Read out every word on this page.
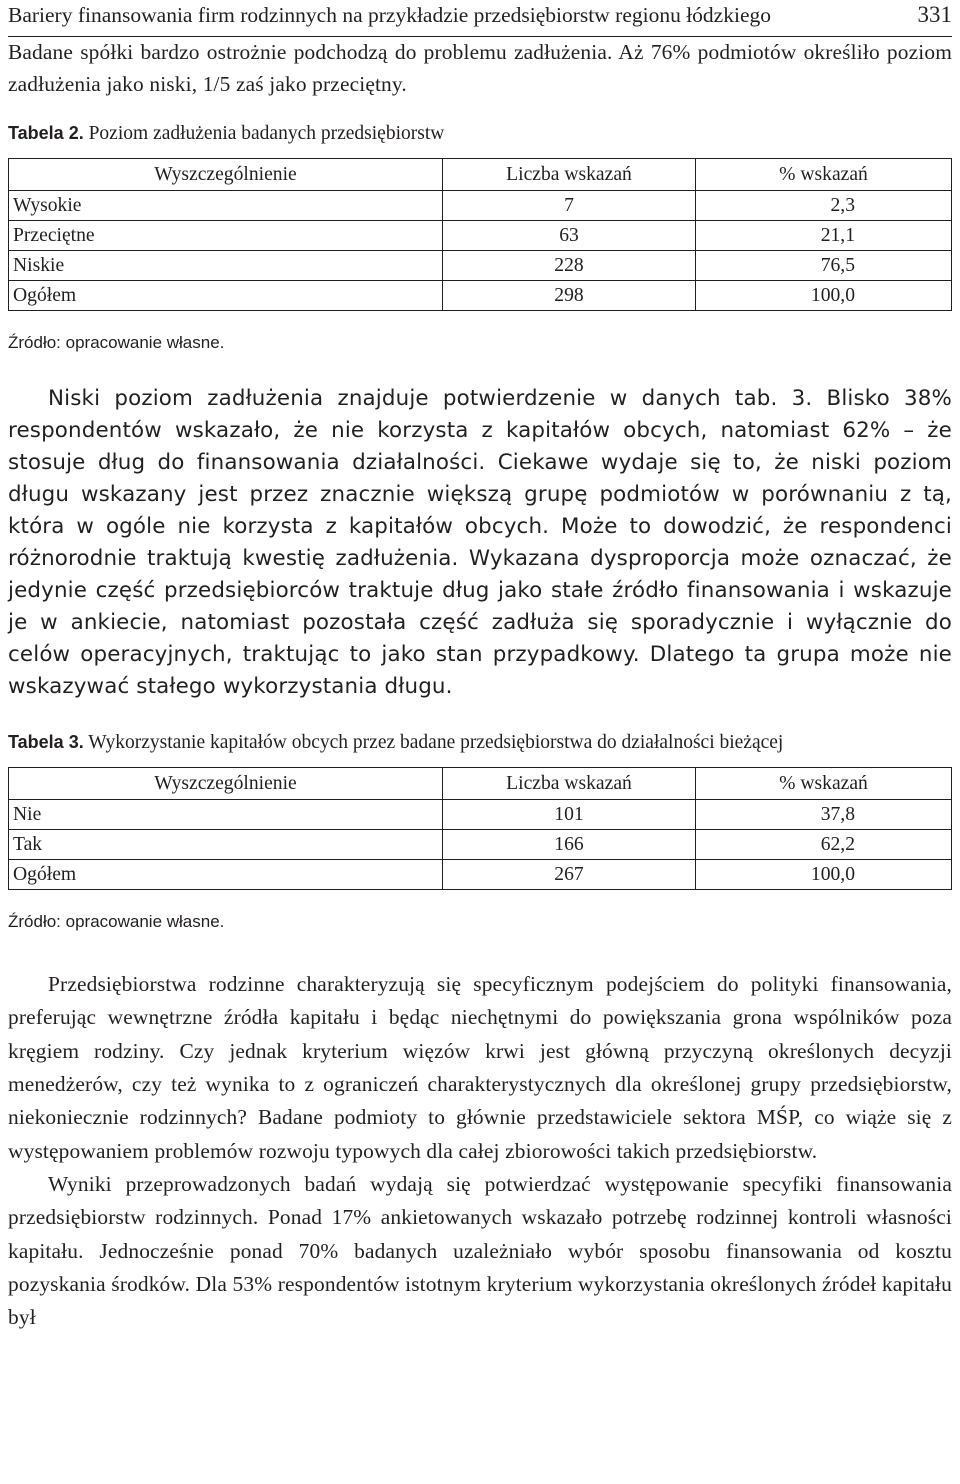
Bariery finansowania firm rodzinnych na przykładzie przedsiębiorstw regionu łódzkiego	331

Badane spółki bardzo ostrożnie podchodzą do problemu zadłużenia. Aż 76% podmiotów określiło poziom zadłużenia jako niski, 1/5 zaś jako przeciętny.

Tabela 2. Poziom zadłużenia badanych przedsiębiorstw
Wyszczególnienie	Liczba wskazań	% wskazań
Wysokie	7	2,3
Przeciętne	63	21,1
Niskie	228	76,5
Ogółem	298	100,0
Źródło: opracowanie własne.

Niski poziom zadłużenia znajduje potwierdzenie w danych tab. 3. Blisko 38% respondentów wskazało, że nie korzysta z kapitałów obcych, natomiast 62% – że stosuje dług do finansowania działalności. Ciekawe wydaje się to, że niski poziom długu wskazany jest przez znacznie większą grupę podmiotów w porównaniu z tą, która w ogóle nie korzysta z kapitałów obcych. Może to dowodzić, że respondenci różnorodnie traktują kwestię zadłużenia. Wykazana dysproporcja może oznaczać, że jedynie część przedsiębiorców traktuje dług jako stałe źródło finansowania i wskazuje je w ankiecie, natomiast pozostała część zadłuża się sporadycznie i wyłącznie do celów operacyjnych, traktując to jako stan przypadkowy. Dlatego ta grupa może nie wskazywać stałego wykorzystania długu.

Tabela 3. Wykorzystanie kapitałów obcych przez badane przedsiębiorstwa do działalności bieżącej
Wyszczególnienie	Liczba wskazań	% wskazań
Nie	101	37,8
Tak	166	62,2
Ogółem	267	100,0
Źródło: opracowanie własne.

Przedsiębiorstwa rodzinne charakteryzują się specyficznym podejściem do polityki finansowania, preferując wewnętrzne źródła kapitału i będąc niechętnymi do powiększania grona wspólników poza kręgiem rodziny. Czy jednak kryterium więzów krwi jest główną przyczyną określonych decyzji menedżerów, czy też wynika to z ograniczeń charakterystycznych dla określonej grupy przedsiębiorstw, niekoniecznie rodzinnych? Badane podmioty to głównie przedstawiciele sektora MŚP, co wiąże się z występowaniem problemów rozwoju typowych dla całej zbiorowości takich przedsiębiorstw.

Wyniki przeprowadzonych badań wydają się potwierdzać występowanie specyfiki finansowania przedsiębiorstw rodzinnych. Ponad 17% ankietowanych wskazało potrzebę rodzinnej kontroli własności kapitału. Jednocześnie ponad 70% badanych uzależniało wybór sposobu finansowania od kosztu pozyskania środków. Dla 53% respondentów istotnym kryterium wykorzystania określonych źródeł kapitału był
